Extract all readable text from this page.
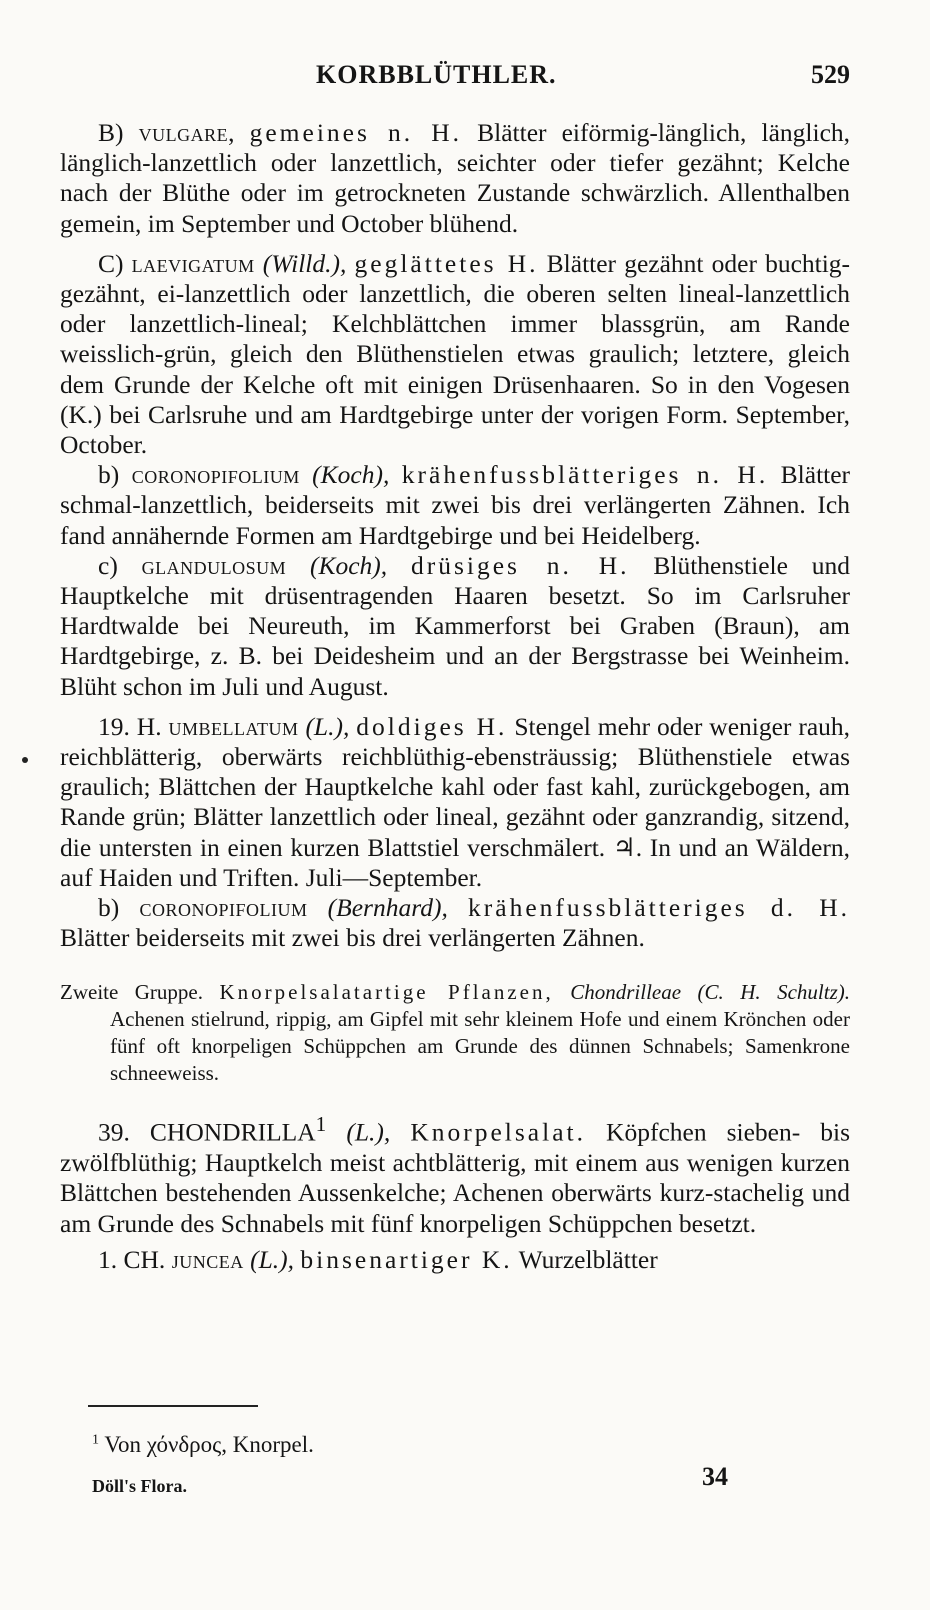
KORBBLÜTHLER.	529

B) vulgare, gemeines n. H. Blätter eiförmig-länglich, länglich, länglich-lanzettlich oder lanzettlich, seichter oder tiefer gezähnt; Kelche nach der Blüthe oder im getrockneten Zustande schwärzlich. Allenthalben gemein, im September und October blühend.

C) laevigatum (Willd.), geglättetes H. Blätter gezähnt oder buchtig-gezähnt, ei-lanzettlich oder lanzettlich, die oberen selten lineal-lanzettlich oder lanzettlich-lineal; Kelchblättchen immer blassgrün, am Rande weisslich-grün, gleich den Blüthenstielen etwas graulich; letztere, gleich dem Grunde der Kelche oft mit einigen Drüsenhaaren. So in den Vogesen (K.) bei Carlsruhe und am Hardtgebirge unter der vorigen Form. September, October.

b) coronopifolium (Koch), krähenfussblätteriges n. H. Blätter schmal-lanzettlich, beiderseits mit zwei bis drei verlängerten Zähnen. Ich fand annähernde Formen am Hardtgebirge und bei Heidelberg.

c) glandulosum (Koch), drüsiges n. H. Blüthenstiele und Hauptkelche mit drüsentragenden Haaren besetzt. So im Carlsruher Hardtwalde bei Neureuth, im Kammerforst bei Graben (Braun), am Hardtgebirge, z. B. bei Deidesheim und an der Bergstrasse bei Weinheim. Blüht schon im Juli und August.

19. H. umbellatum (L.), doldiges H. Stengel mehr oder weniger rauh, reichblätterig, oberwärts reichblüthig-ebensträussig; Blüthenstiele etwas graulich; Blättchen der Hauptkelche kahl oder fast kahl, zurückgebogen, am Rande grün; Blätter lanzettlich oder lineal, gezähnt oder ganzrandig, sitzend, die untersten in einen kurzen Blattstiel verschmälert. ♃. In und an Wäldern, auf Haiden und Triften. Juli—September.

b) coronopifolium (Bernhard), krähenfussblätteriges d. H. Blätter beiderseits mit zwei bis drei verlängerten Zähnen.

Zweite Gruppe. Knorpelsalatartige Pflanzen, Chondrilleae (C. H. Schultz). Achenen stielrund, rippig, am Gipfel mit sehr kleinem Hofe und einem Krönchen oder fünf oft knorpeligen Schüppchen am Grunde des dünnen Schnabels; Samenkrone schneeweiss.

39. CHONDRILLA$^1$ (L.), Knorpelsalat. Köpfchen sieben- bis zwölfblüthig; Hauptkelch meist achtblätterig, mit einem aus wenigen kurzen Blättchen bestehenden Aussenkelche; Achenen oberwärts kurz-stachelig und am Grunde des Schnabels mit fünf knorpeligen Schüppchen besetzt.

1. CH. juncea (L.), binsenartiger K. Wurzelblätter

$^1$ Von χόνδρος, Knorpel.
Döll's Flora.	34
